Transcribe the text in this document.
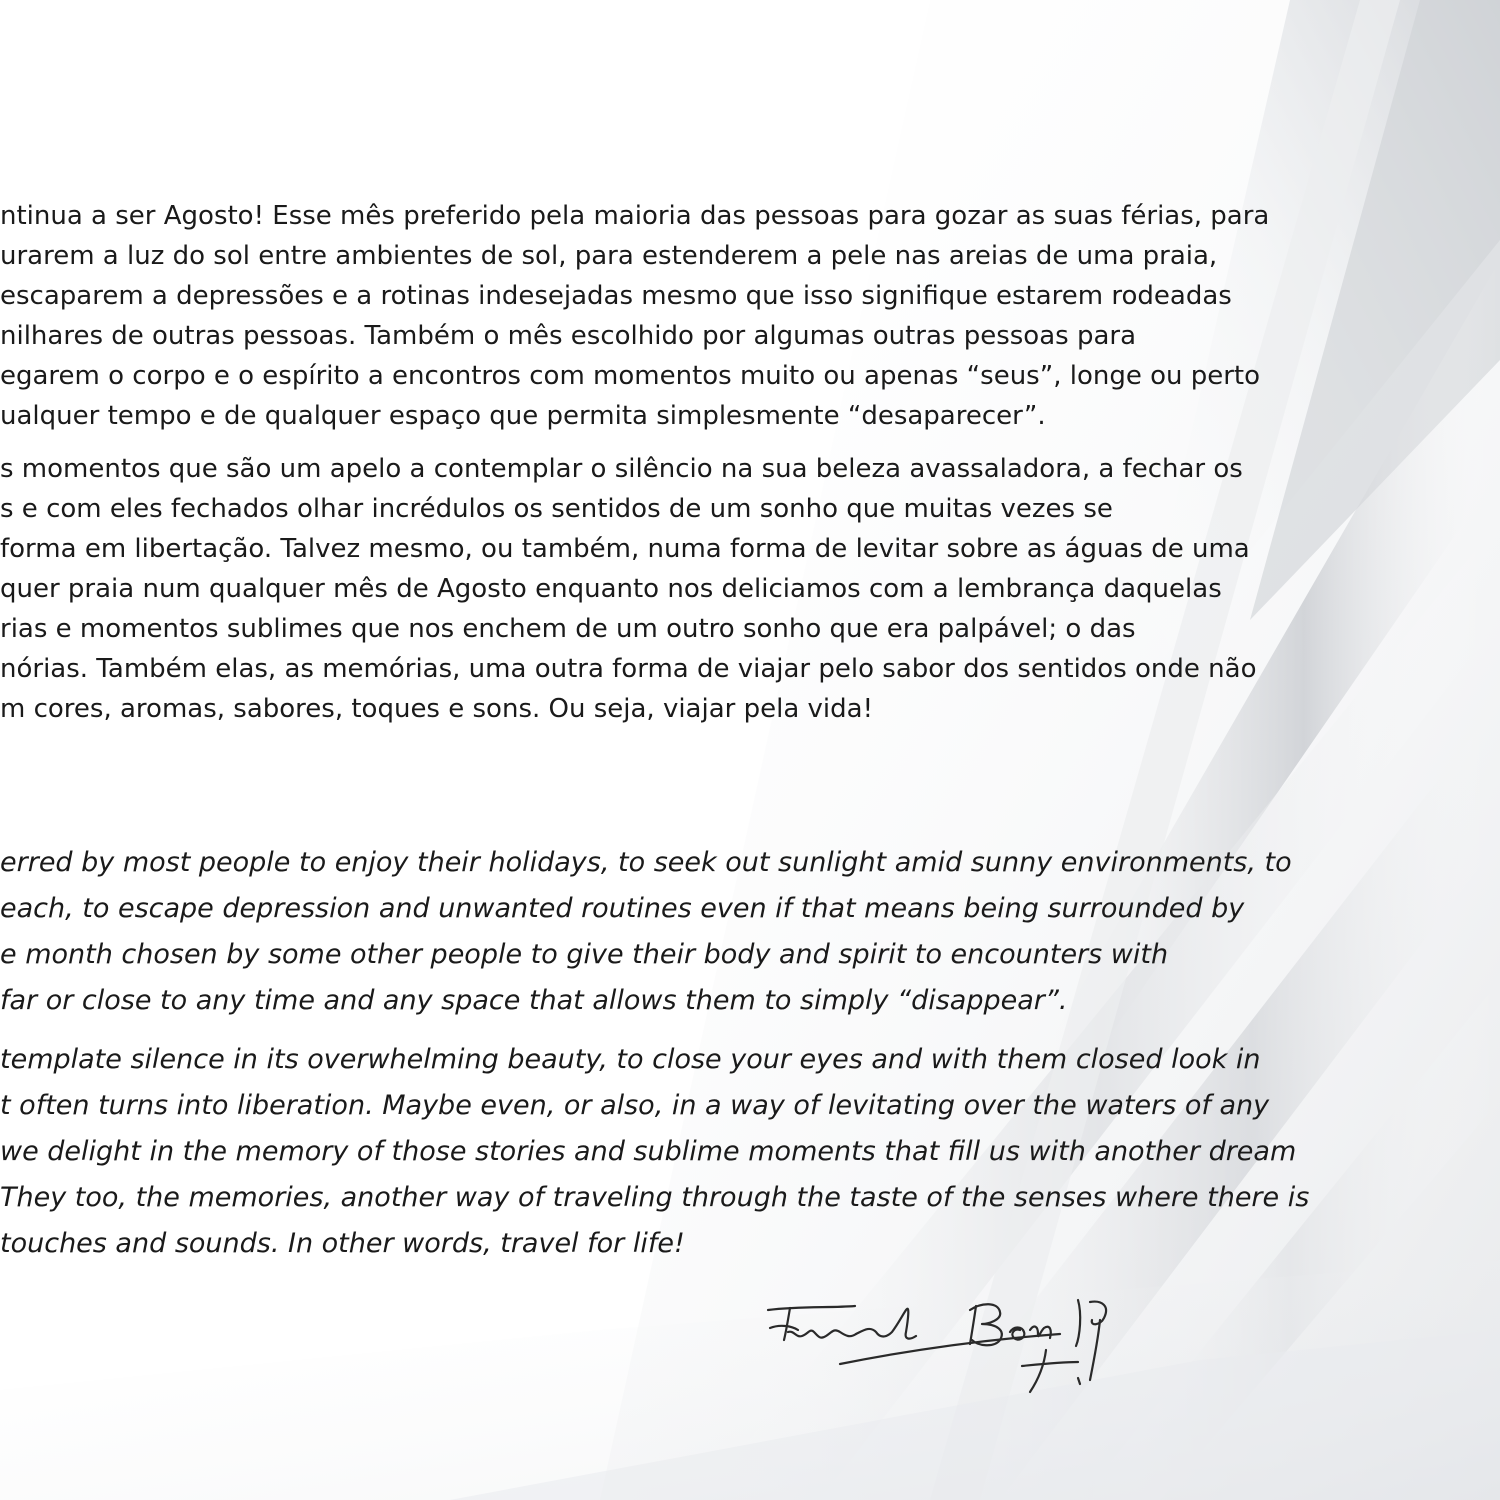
ntinua a ser Agosto! Esse mês preferido pela maioria das pessoas para gozar as suas férias, para
urarem a luz do sol entre ambientes de sol, para estenderem a pele nas areias de uma praia,
escaparem a depressões e a rotinas indesejadas mesmo que isso signifique estarem rodeadas
nilhares de outras pessoas. Também o mês escolhido por algumas outras pessoas para
egarem o corpo e o espírito a encontros com momentos muito ou apenas “seus”, longe ou perto
ualquer tempo e de qualquer espaço que permita simplesmente “desaparecer”.
s momentos que são um apelo a contemplar o silêncio na sua beleza avassaladora, a fechar os
s e com eles fechados olhar incrédulos os sentidos de um sonho que muitas vezes se
forma em libertação. Talvez mesmo, ou também, numa forma de levitar sobre as águas de uma
quer praia num qualquer mês de Agosto enquanto nos deliciamos com a lembrança daquelas
rias e momentos sublimes que nos enchem de um outro sonho que era palpável; o das
nórias. Também elas, as memórias, uma outra forma de viajar pelo sabor dos sentidos onde não
m cores, aromas, sabores, toques e sons. Ou seja, viajar pela vida!
erred by most people to enjoy their holidays, to seek out sunlight amid sunny environments, to
each, to escape depression and unwanted routines even if that means being surrounded by
e month chosen by some other people to give their body and spirit to encounters with
far or close to any time and any space that allows them to simply “disappear”.
template silence in its overwhelming beauty, to close your eyes and with them closed look in
t often turns into liberation. Maybe even, or also, in a way of levitating over the waters of any
we delight in the memory of those stories and sublime moments that fill us with another dream
They too, the memories, another way of traveling through the taste of the senses where there is
touches and sounds. In other words, travel for life!
